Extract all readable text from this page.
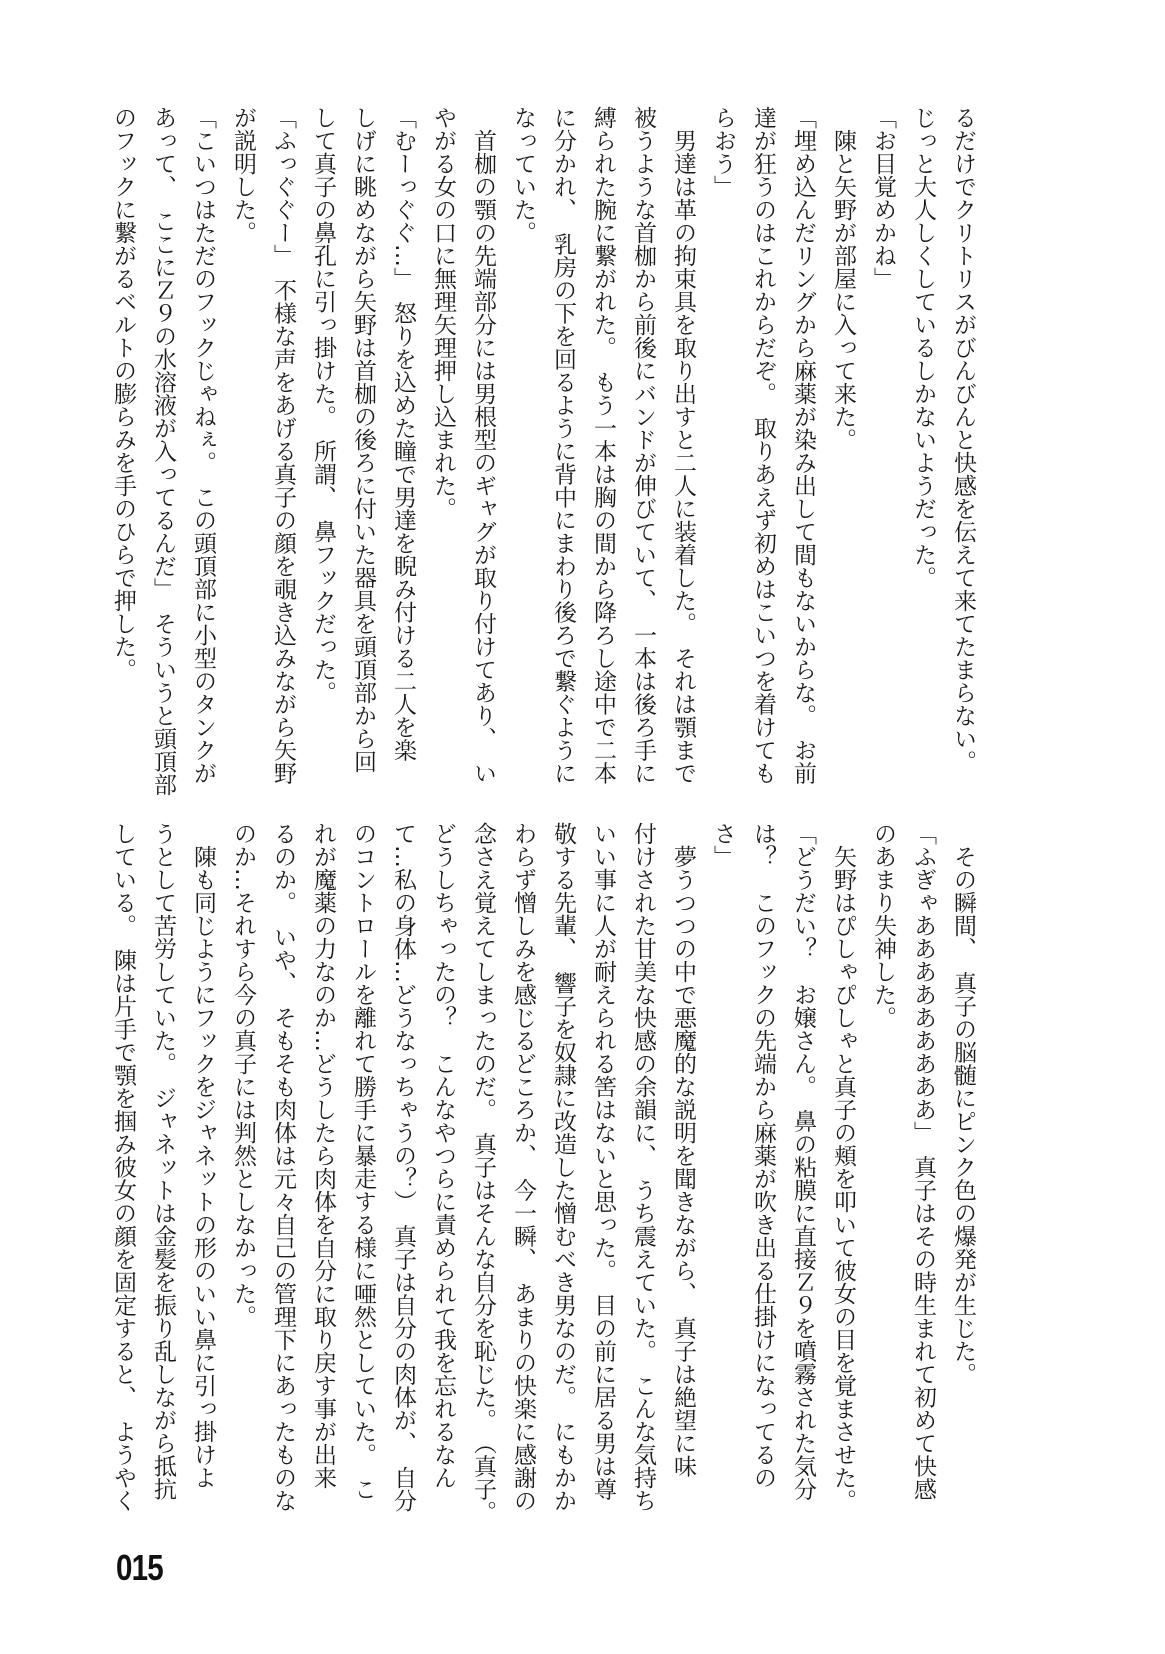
るだけでクリトリスがびんびんと快感を伝えて来てたまらない。
じっと大人しくしているしかないようだった。
「お目覚めかね」
　陳と矢野が部屋に入って来た。
「埋め込んだリングから麻薬が染み出して間もないからな。　お前
達が狂うのはこれからだぞ。　取りあえず初めはこいつを着けても
らおう」
　男達は革の拘束具を取り出すと二人に装着した。　それは顎まで
被うような首枷から前後にバンドが伸びていて、　一本は後ろ手に
縛られた腕に繋がれた。　もう一本は胸の間から降ろし途中で二本
に分かれ、　乳房の下を回るように背中にまわり後ろで繋ぐように
なっていた。
　首枷の顎の先端部分には男根型のギャグが取り付けてあり、　い
やがる女の口に無理矢理押し込まれた。
「むーっぐぐ…」　怒りを込めた瞳で男達を睨み付ける二人を楽
しげに眺めながら矢野は首枷の後ろに付いた器具を頭頂部から回
して真子の鼻孔に引っ掛けた。　所謂、　鼻フックだった。
「ふっぐぐー」　不様な声をあげる真子の顔を覗き込みながら矢野
が説明した。
「こいつはただのフックじゃねぇ。　この頭頂部に小型のタンクが
あって、　ここにＺ９の水溶液が入ってるんだ」　そういうと頭頂部
のフックに繋がるベルトの膨らみを手のひらで押した。
　その瞬間、　真子の脳髄にピンク色の爆発が生じた。
「ふぎゃあああああああああ」　真子はその時生まれて初めて快感
のあまり失神した。
　矢野はぴしゃぴしゃと真子の頬を叩いて彼女の目を覚まさせた。
「どうだい？　お嬢さん。　鼻の粘膜に直接Ｚ９を噴霧された気分
は？　このフックの先端から麻薬が吹き出る仕掛けになってるの
さ」
　夢うつつの中で悪魔的な説明を聞きながら、　真子は絶望に味
付けされた甘美な快感の余韻に、　うち震えていた。　こんな気持ち
いい事に人が耐えられる筈はないと思った。　目の前に居る男は尊
敬する先輩、　響子を奴隷に改造した憎むべき男なのだ。　にもかか
わらず憎しみを感じるどころか、　今一瞬、　あまりの快楽に感謝の
念さえ覚えてしまったのだ。　真子はそんな自分を恥じた。　（真子。
どうしちゃったの？　こんなやつらに責められて我を忘れるなん
て…私の身体…どうなっちゃうの？）　真子は自分の肉体が、　自分
のコントロールを離れて勝手に暴走する様に唖然としていた。　こ
れが魔薬の力なのか…どうしたら肉体を自分に取り戻す事が出来
るのか。　いや、　そもそも肉体は元々自己の管理下にあったものな
のか…それすら今の真子には判然としなかった。
　陳も同じようにフックをジャネットの形のいい鼻に引っ掛けよ
うとして苦労していた。　ジャネットは金髪を振り乱しながら抵抗
している。　陳は片手で顎を掴み彼女の顔を固定すると、　ようやく
015
